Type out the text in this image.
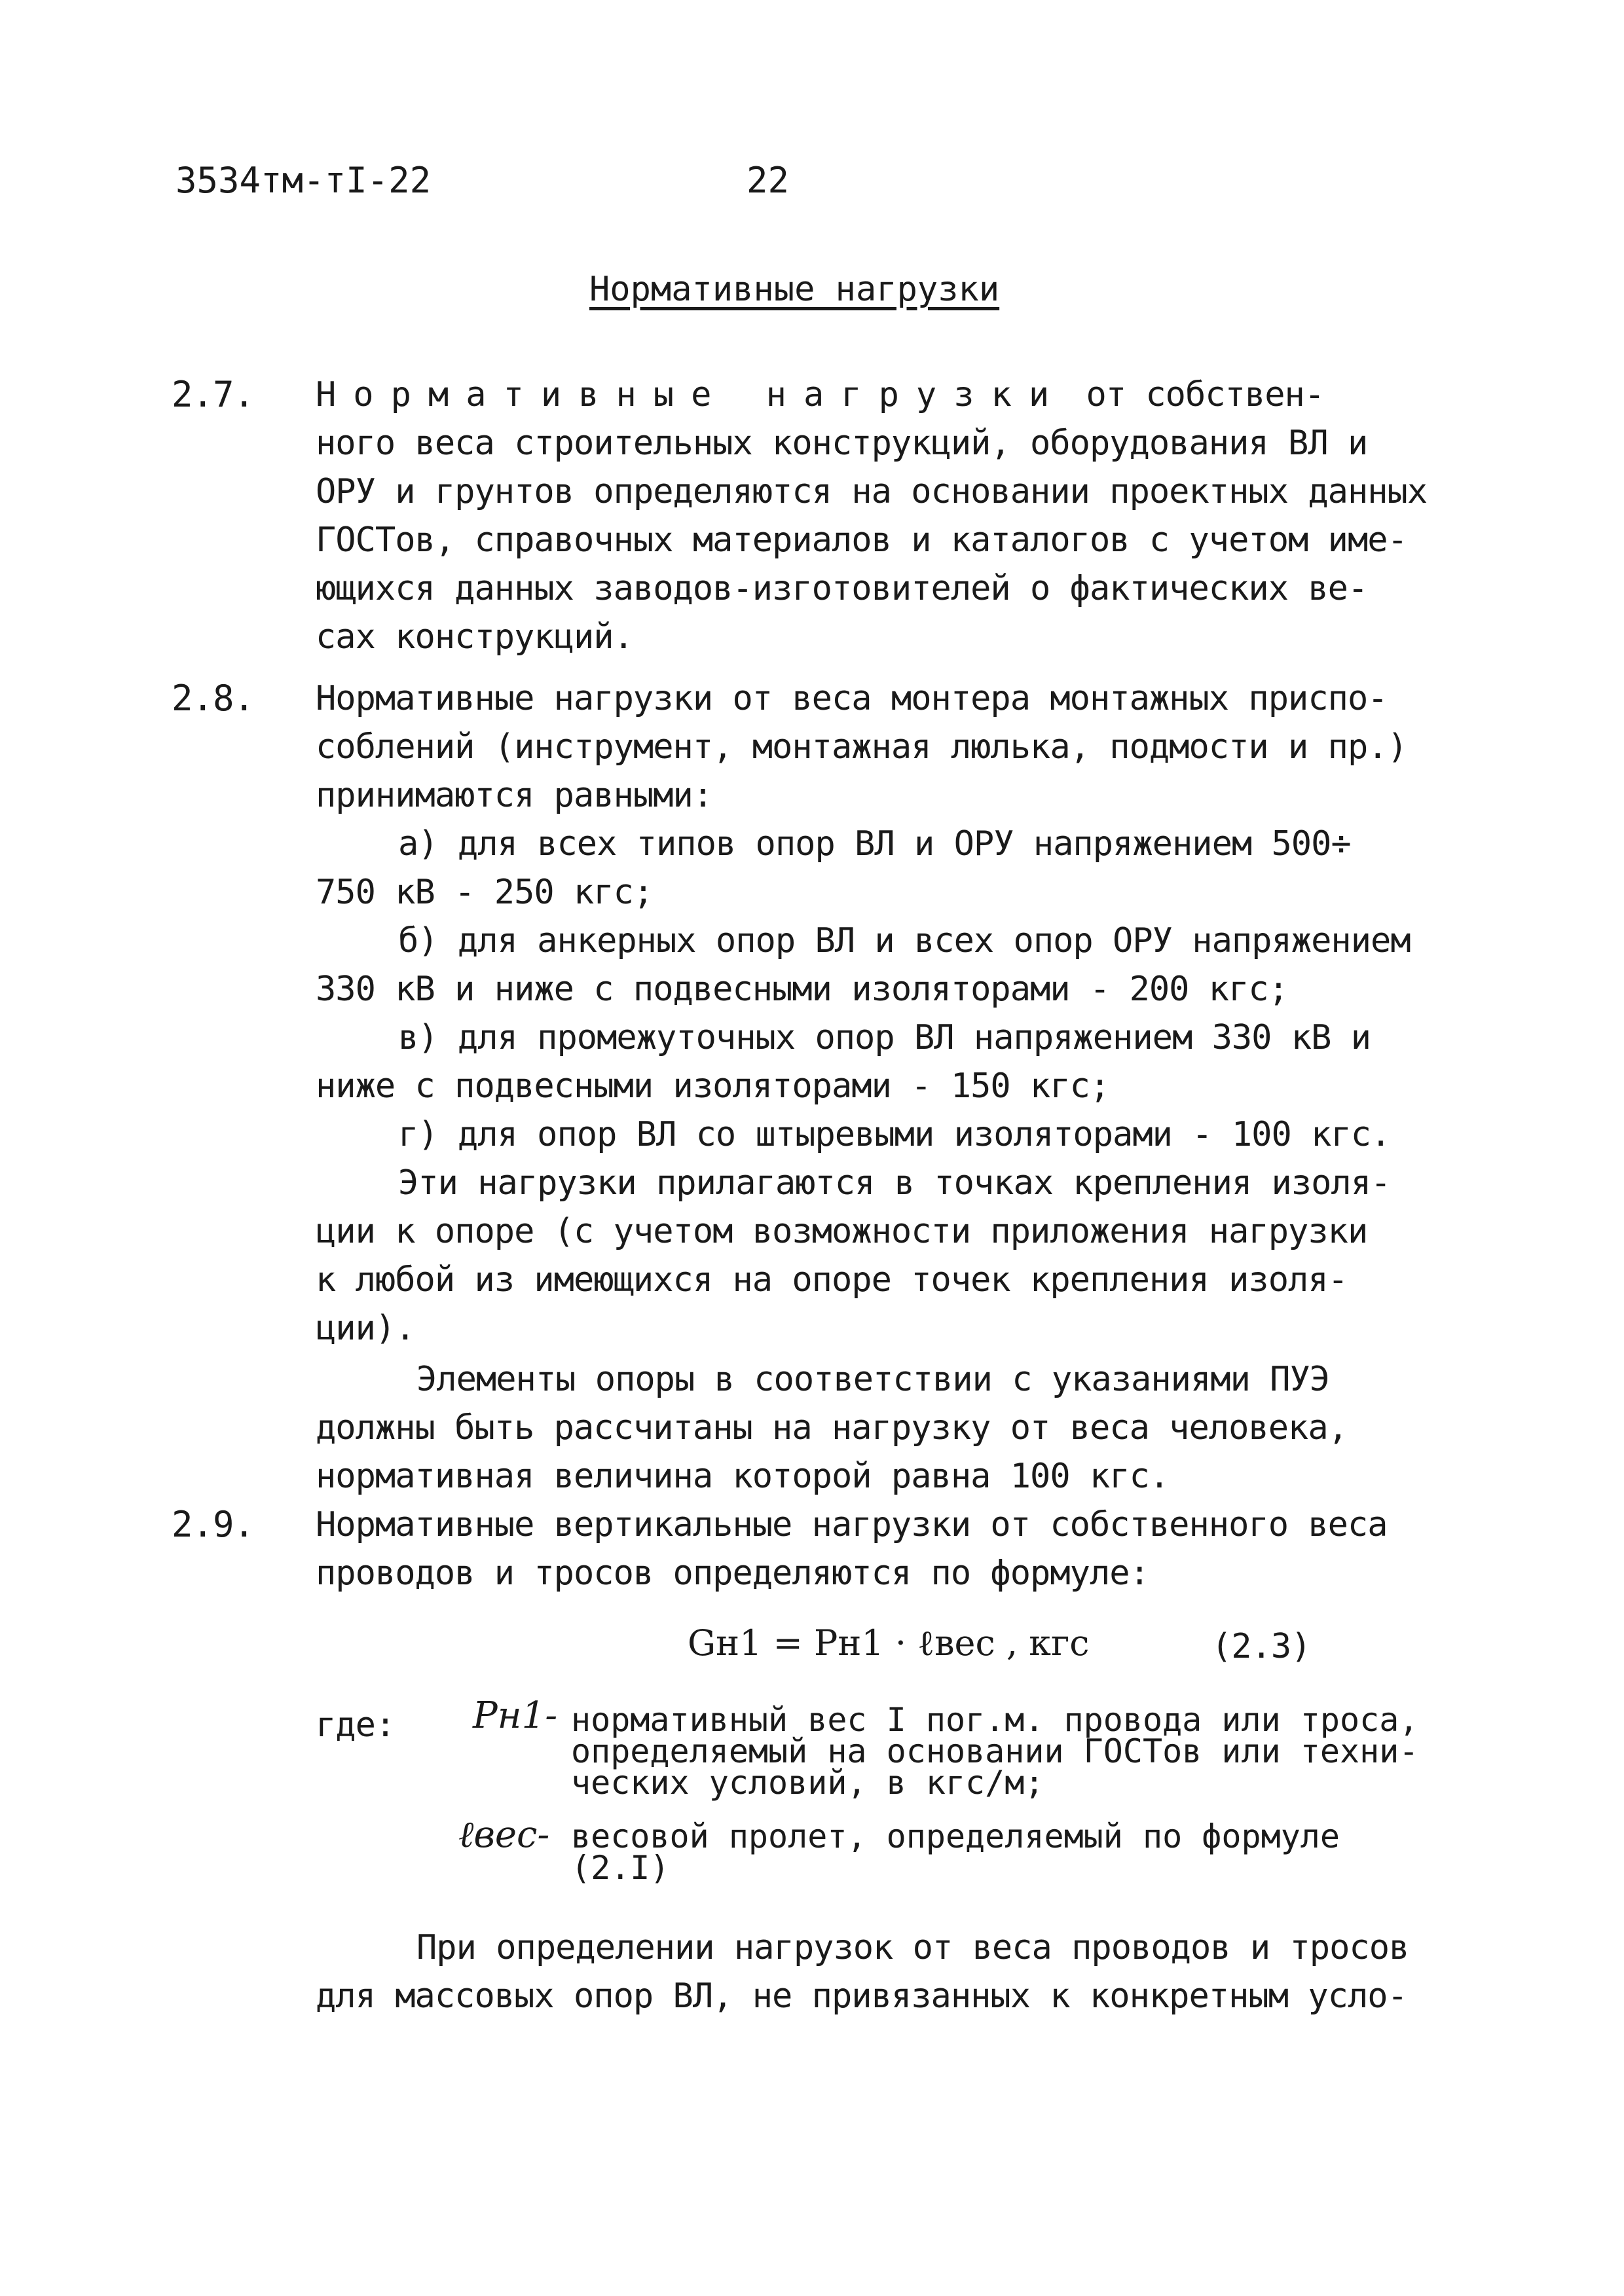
3534тм-тI-22	22
Нормативные нагрузки
2.7. Нормативные нагрузки от собствен-
ного веса строительных конструкций, оборудования ВЛ и
ОРУ и грунтов определяются на основании проектных данных
ГОСТов, справочных материалов и каталогов с учетом име-
ющихся данных заводов-изготовителей о фактических ве-
сах конструкций.
2.8. Нормативные нагрузки от веса монтера монтажных приспо-
соблений (инструмент, монтажная люлька, подмости и пр.)
принимаются равными:
а) для всех типов опор ВЛ и ОРУ напряжением 500÷
750 кВ - 250 кгс;
б) для анкерных опор ВЛ и всех опор ОРУ напряжением
330 кВ и ниже с подвесными изоляторами - 200 кгс;
в) для промежуточных опор ВЛ напряжением 330 кВ и
ниже с подвесными изоляторами - 150 кгс;
г) для опор ВЛ со штыревыми изоляторами - 100 кгс.
Эти нагрузки прилагаются в точках крепления изоля-
ции к опоре (с учетом возможности приложения нагрузки
к любой из имеющихся на опоре точек крепления изоля-
ции).
Элементы опоры в соответствии с указаниями ПУЭ
должны быть рассчитаны на нагрузку от веса человека,
нормативная величина которой равна 100 кгс.
2.9. Нормативные вертикальные нагрузки от собственного веса
проводов и тросов определяются по формуле:
Gн1 = Pн1 · ℓвес , кгс	(2.3)
где: Pн1- нормативный вес I пог.м. провода или троса,
определяемый на основании ГОСТов или техни-
ческих условий, в кгс/м;
ℓвес- весовой пролет, определяемый по формуле
(2.I)
При определении нагрузок от веса проводов и тросов
для массовых опор ВЛ, не привязанных к конкретным усло-
